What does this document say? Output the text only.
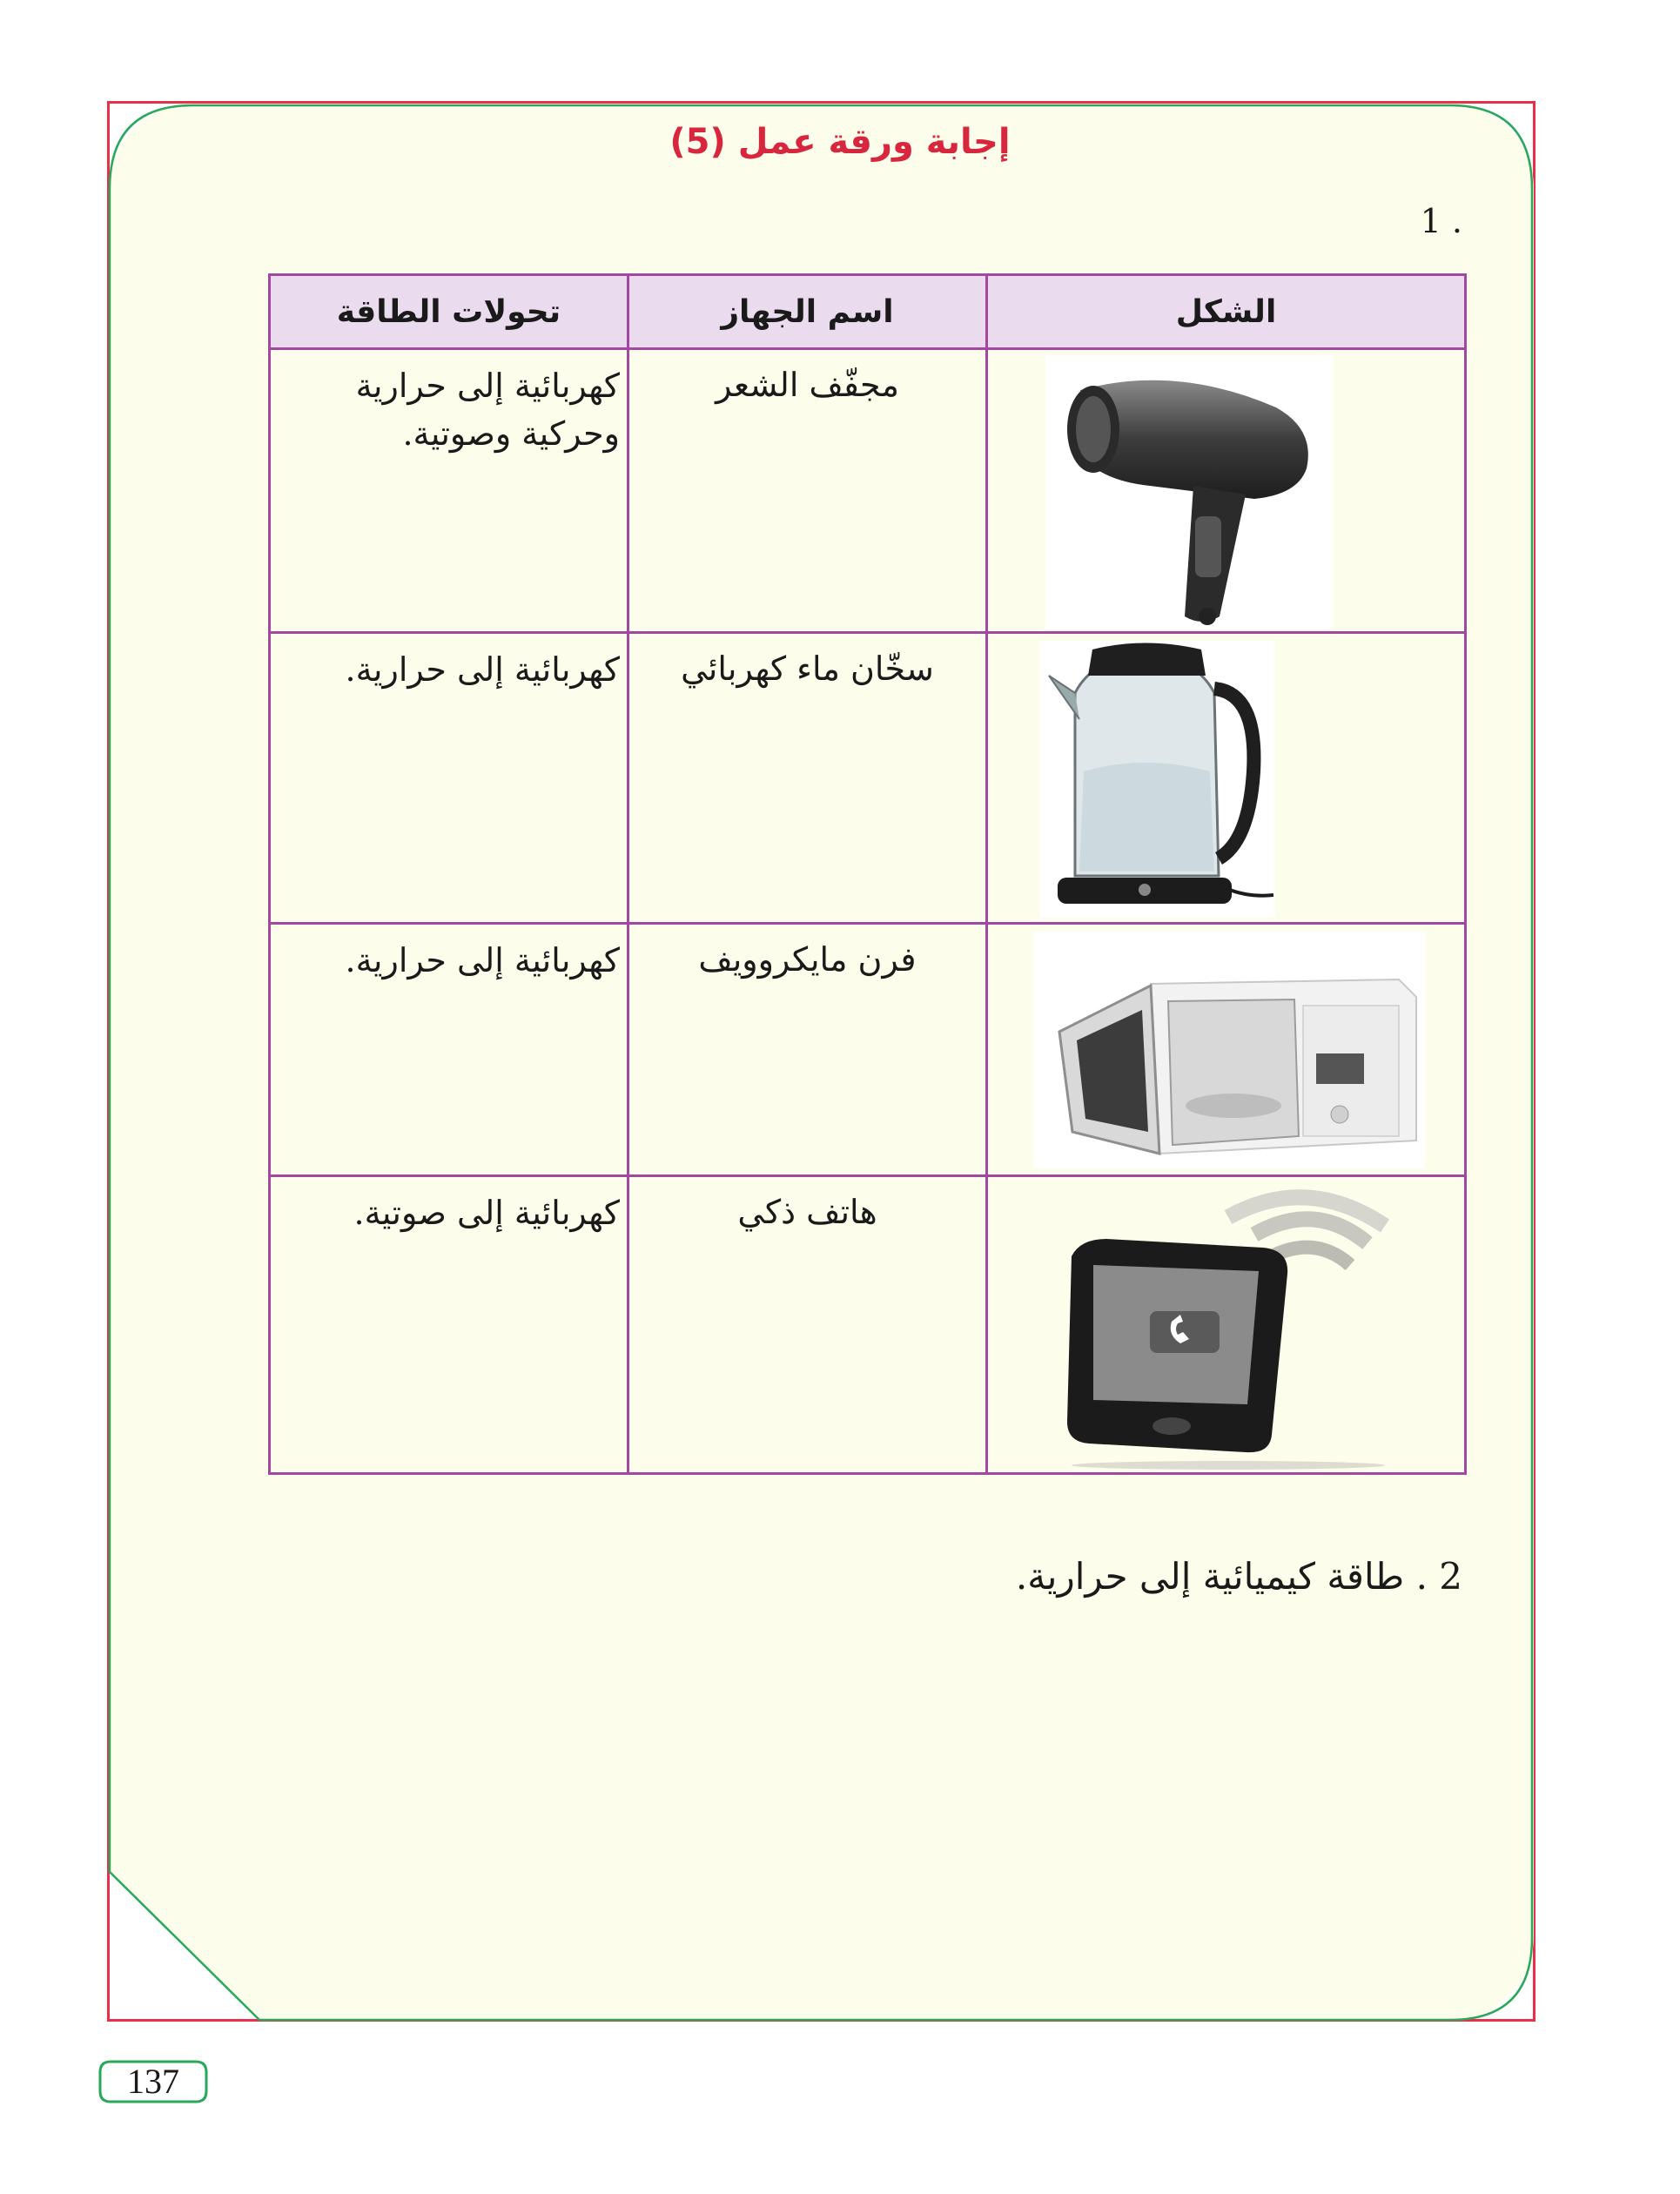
إجابة ورقة عمل (5)
1 .
الشكل	اسم الجهاز	تحولات الطاقة

	مجفّف الشعر	كهربائية إلى حرارية وحركية وصوتية.

	سخّان ماء كهربائي	كهربائية إلى حرارية.

	فرن مايكروويف	كهربائية إلى حرارية.

	هاتف ذكي	كهربائية إلى صوتية.
2 . طاقة كيميائية إلى حرارية.
137
